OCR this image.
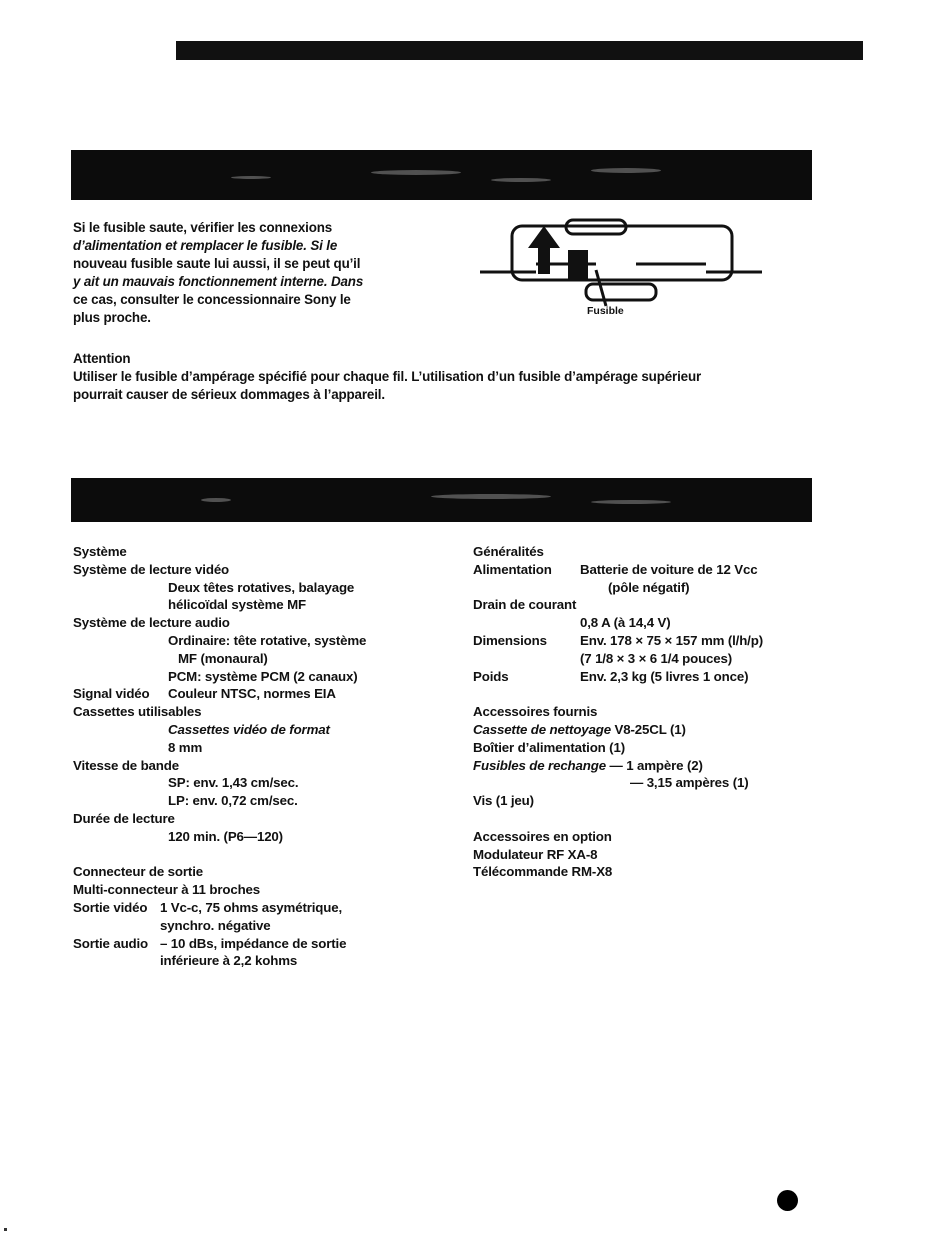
Si le fusible saute, vérifier les connexions
d’alimentation et remplacer le fusible. Si le
nouveau fusible saute lui aussi, il se peut qu’il
y ait un mauvais fonctionnement interne. Dans
ce cas, consulter le concessionnaire Sony le
plus proche.	Fusible
Attention
Utiliser le fusible d’ampérage spécifié pour chaque fil. L’utilisation d’un fusible d’ampérage supérieur
pourrait causer de sérieux dommages à l’appareil.
Système
Système de lecture vidéo
Deux têtes rotatives, balayage
hélicoïdal système MF
Système de lecture audio
Ordinaire: tête rotative, système
MF (monaural)
PCM: système PCM (2 canaux)
Signal vidéo Couleur NTSC, normes EIA
Cassettes utilisables
Cassettes vidéo de format
8 mm
Vitesse de bande
SP: env. 1,43 cm/sec.
LP: env. 0,72 cm/sec.
Durée de lecture
120 min. (P6—120)
Connecteur de sortie
Multi-connecteur à 11 broches
Sortie vidéo 1 Vc-c, 75 ohms asymétrique,
synchro. négative
Sortie audio – 10 dBs, impédance de sortie
inférieure à 2,2 kohms
Généralités
Alimentation Batterie de voiture de 12 Vcc
(pôle négatif)
Drain de courant
0,8 A (à 14,4 V)
Dimensions Env. 178 × 75 × 157 mm (l/h/p)
(7 1/8 × 3 × 6 1/4 pouces)
Poids	Env. 2,3 kg (5 livres 1 once)
Accessoires fournis
Cassette de nettoyage V8-25CL (1)
Boîtier d’alimentation (1)
Fusibles de rechange — 1 ampère (2)
— 3,15 ampères (1)
Vis (1 jeu)
Accessoires en option
Modulateur RF XA-8
Télécommande RM-X8
